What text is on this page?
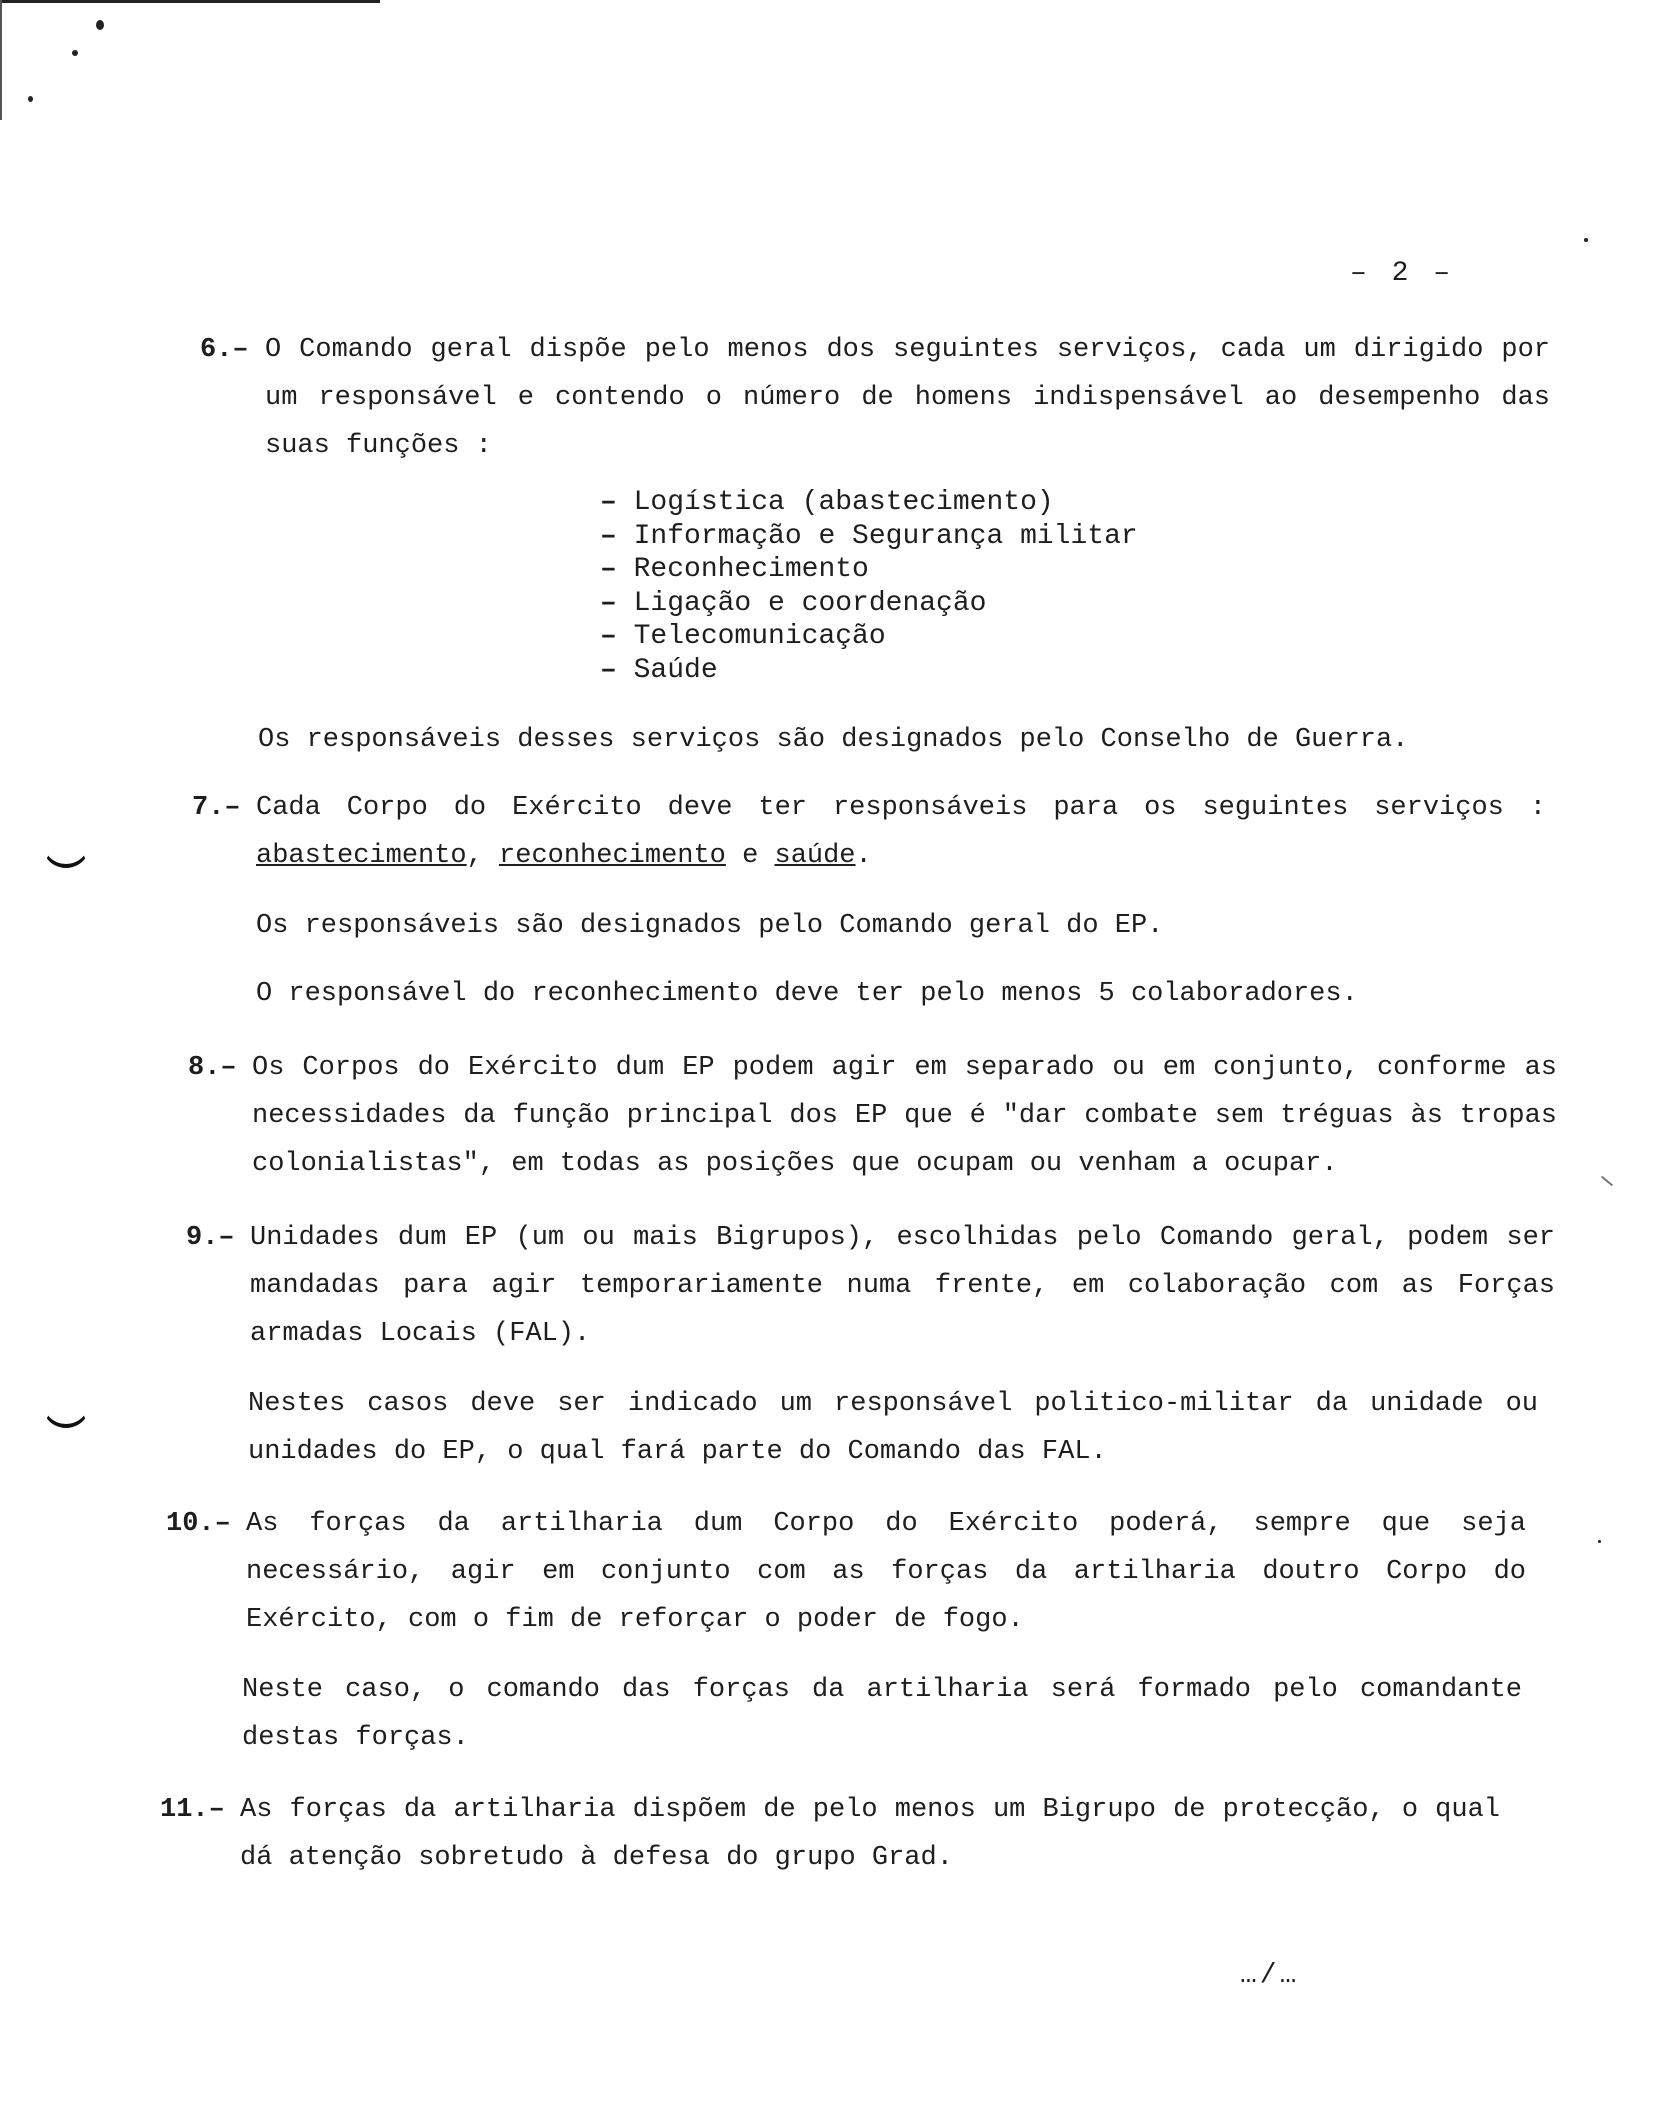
– 2 –
6.– O Comando geral dispõe pelo menos dos seguintes serviços, cada um dirigido por um responsável e contendo o número de homens indispensável ao desempenho das suas funções :
– Logística (abastecimento)
– Informação e Segurança militar
– Reconhecimento
– Ligação e coordenação
– Telecomunicação
– Saúde
Os responsáveis desses serviços são designados pelo Conselho de Guerra.
7.– Cada Corpo do Exército deve ter responsáveis para os seguintes serviços : abastecimento, reconhecimento e saúde.
Os responsáveis são designados pelo Comando geral do EP.
O responsável do reconhecimento deve ter pelo menos 5 colaboradores.
8.– Os Corpos do Exército dum EP podem agir em separado ou em conjunto, conforme as necessidades da função principal dos EP que é "dar combate sem tréguas às tropas colonialistas", em todas as posições que ocupam ou venham a ocupar.
9.– Unidades dum EP (um ou mais Bigrupos), escolhidas pelo Comando geral, podem ser mandadas para agir temporariamente numa frente, em colaboração com as Forças armadas Locais (FAL).
Nestes casos deve ser indicado um responsável politico-militar da unidade ou unidades do EP, o qual fará parte do Comando das FAL.
10.– As forças da artilharia dum Corpo do Exército poderá, sempre que seja necessário, agir em conjunto com as forças da artilharia doutro Corpo do Exército, com o fim de reforçar o poder de fogo.
Neste caso, o comando das forças da artilharia será formado pelo comandante destas forças.
11.– As forças da artilharia dispõem de pelo menos um Bigrupo de protecção, o qual dá atenção sobretudo à defesa do grupo Grad.
…/…
